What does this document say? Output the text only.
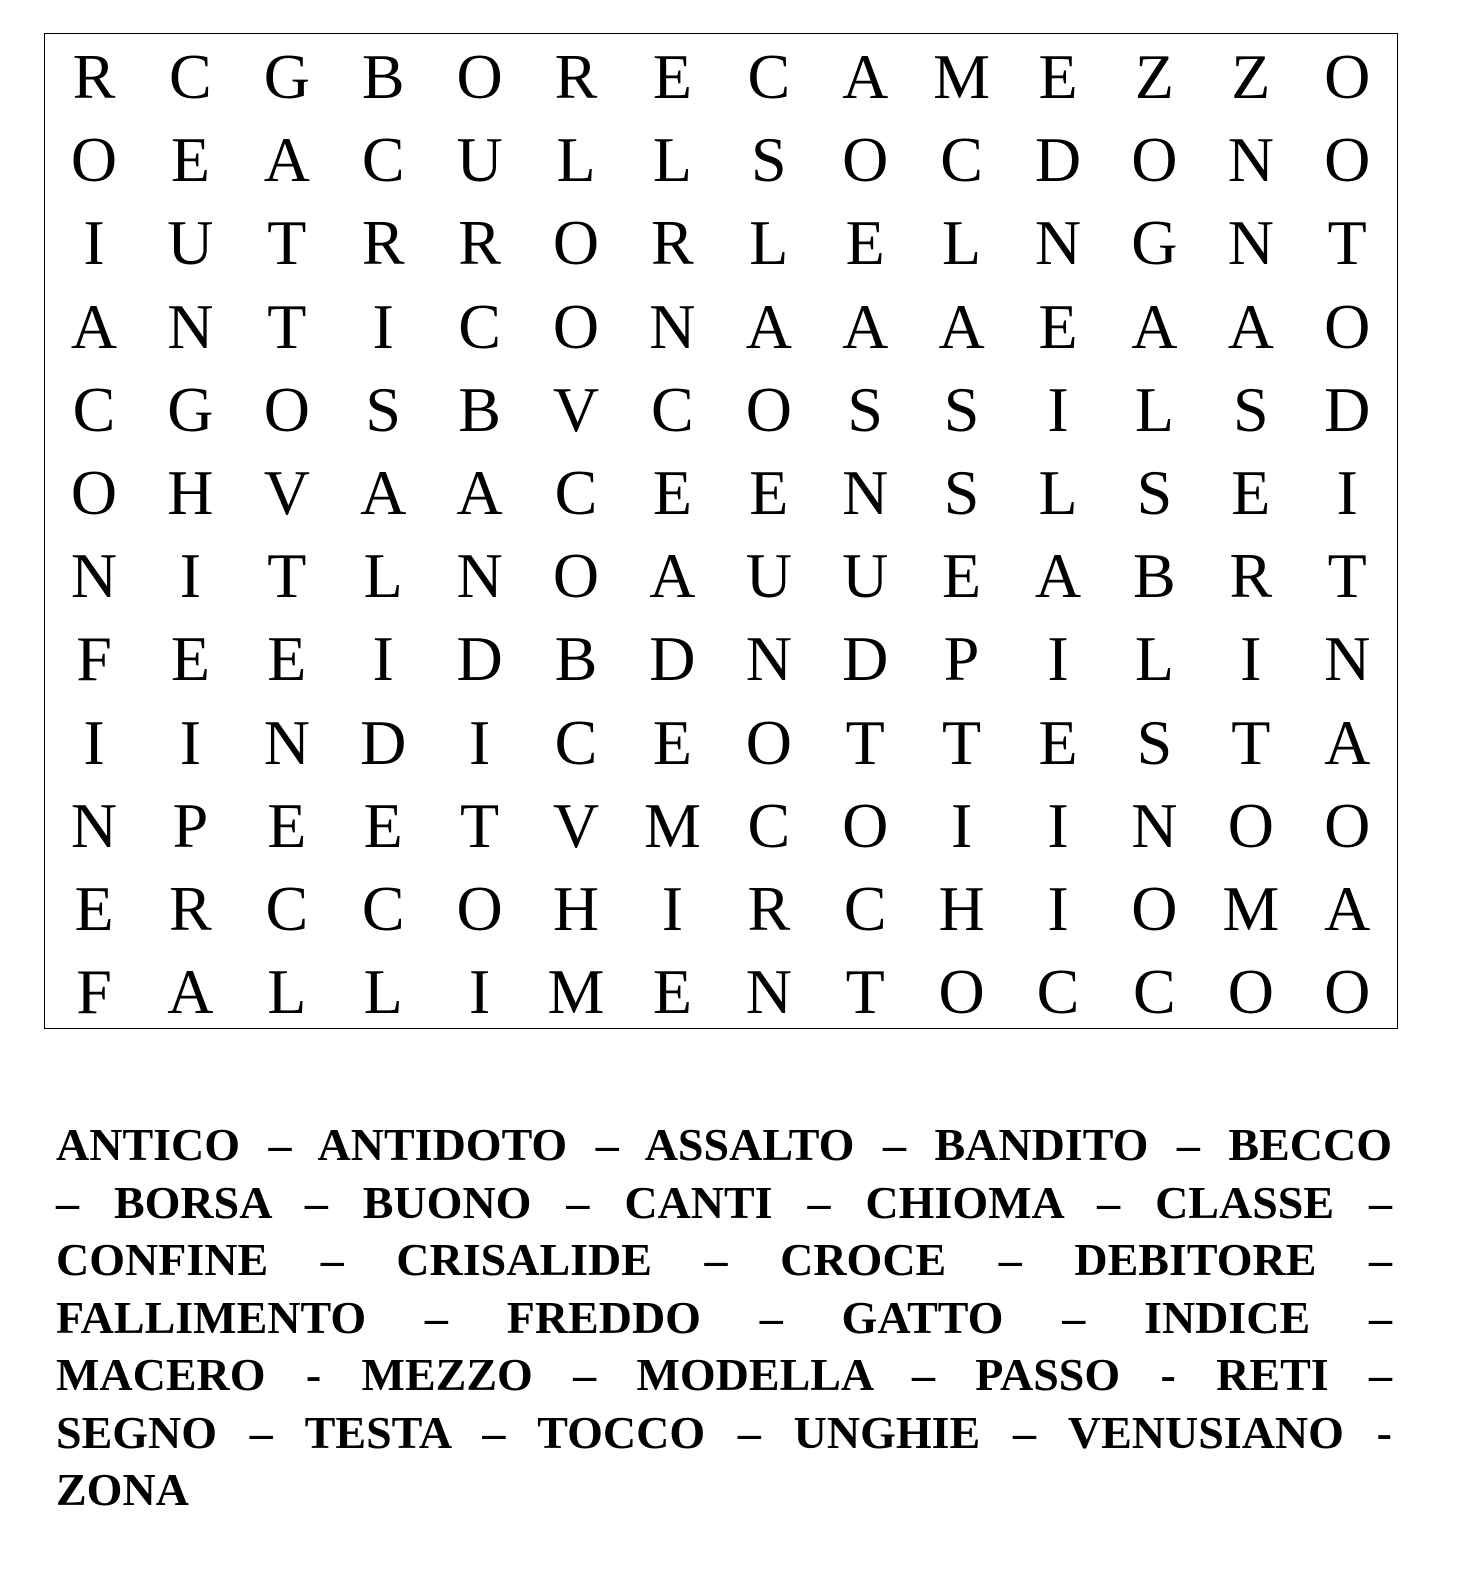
R C G B O R E C A M E Z Z O
O E A C U L L S O C D O N O
I U T R R O R L E L N G N T
A N T	I	C O N A A A E A A O
C G O S B V C O S S	I	L S D
O H V A A C E E N S L S E	I
N I	T L N O A U U E A B R T
F E E	I D B D N D P	I	L	I N
I	I N D I	C E O T T E S T A
N P E E T V M C O I	I N O O
E R C C O H I	R C H I O M A
F A L L	I M E N T O C C O O
ANTICO – ANTIDOTO – ASSALTO – BANDITO – BECCO
– BORSA – BUONO – CANTI – CHIOMA – CLASSE –
CONFINE – CRISALIDE – CROCE – DEBITORE –
FALLIMENTO – FREDDO – GATTO – INDICE –
MACERO - MEZZO – MODELLA – PASSO - RETI –
SEGNO – TESTA – TOCCO – UNGHIE – VENUSIANO -
ZONA
